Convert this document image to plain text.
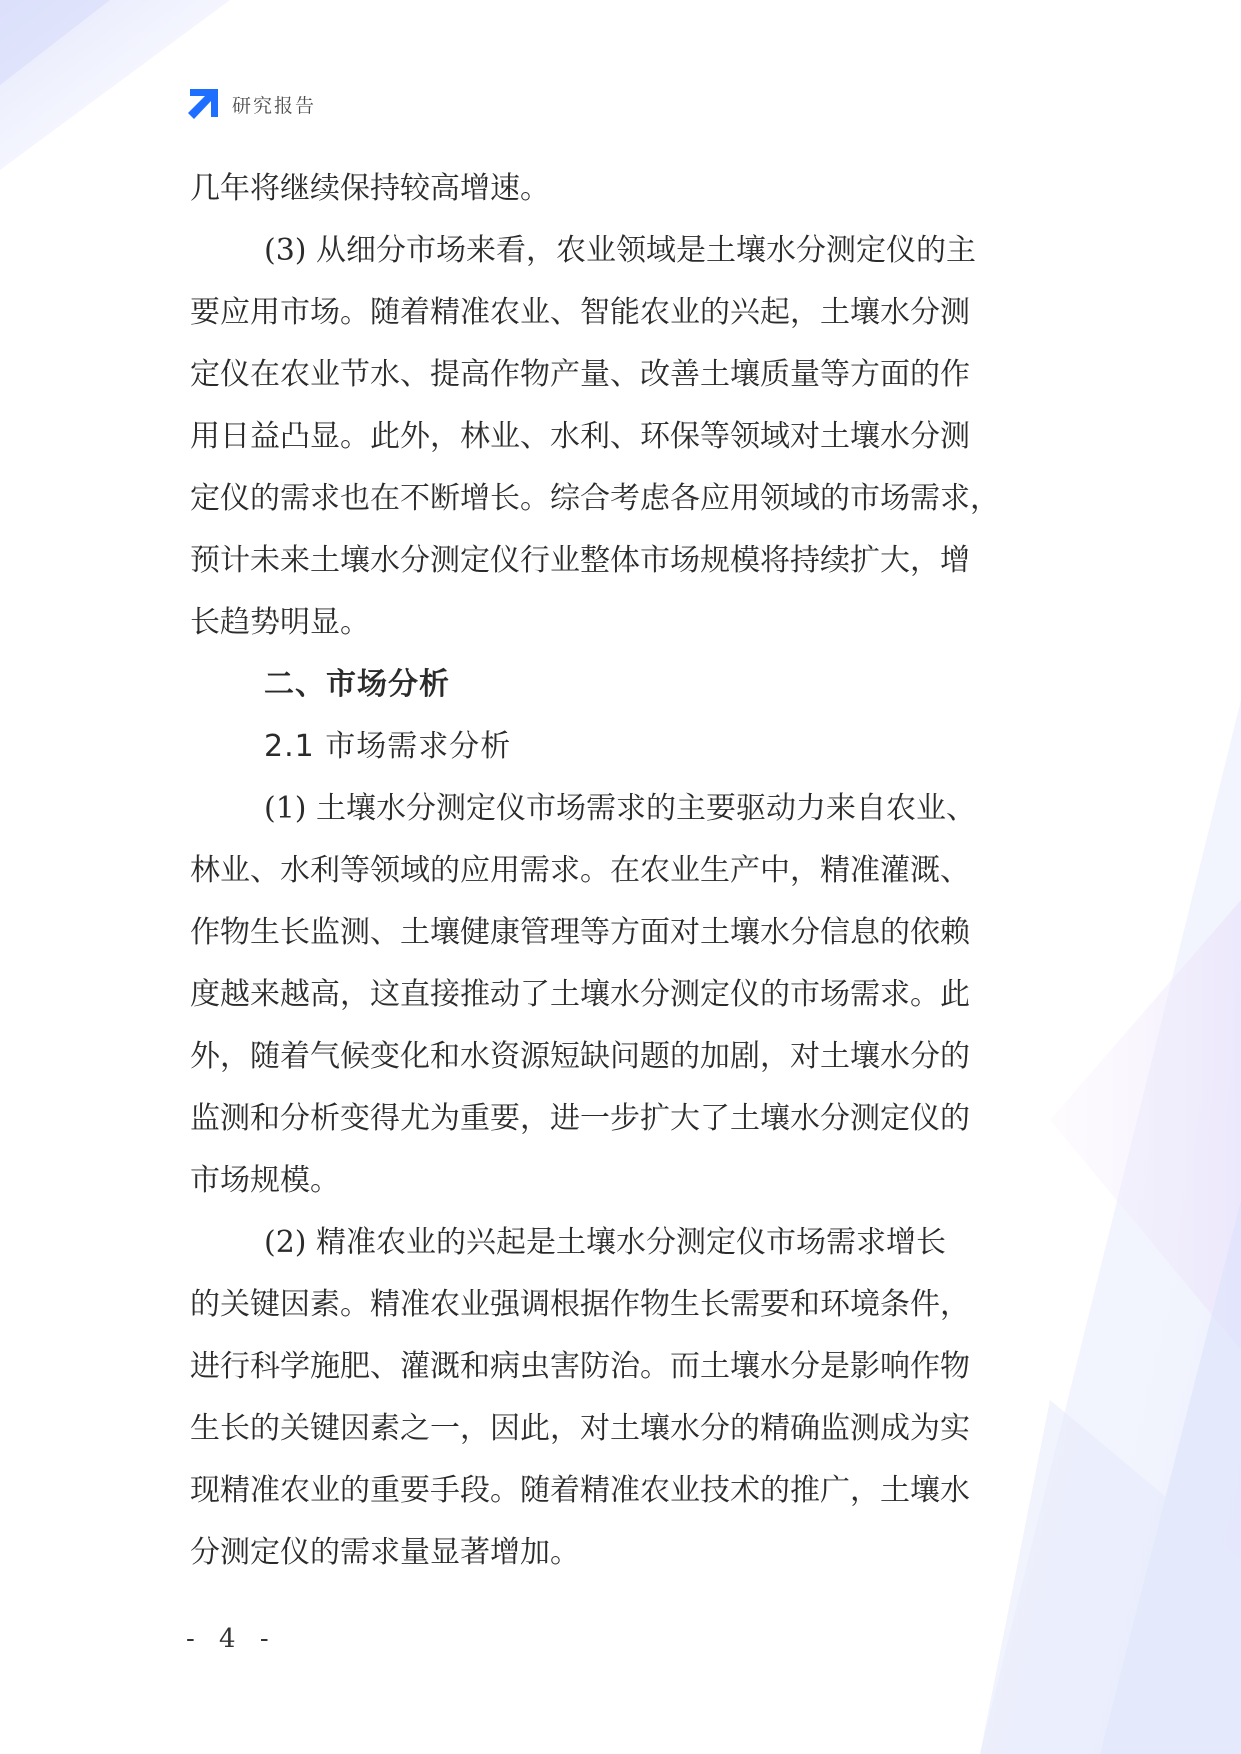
研究报告
几年将继续保持较高增速。
(3) 从细分市场来看，农业领域是土壤水分测定仪的主
要应用市场。随着精准农业、智能农业的兴起，土壤水分测
定仪在农业节水、提高作物产量、改善土壤质量等方面的作
用日益凸显。此外，林业、水利、环保等领域对土壤水分测
定仪的需求也在不断增长。综合考虑各应用领域的市场需求，
预计未来土壤水分测定仪行业整体市场规模将持续扩大，增
长趋势明显。
二、市场分析
2.1 市场需求分析
(1) 土壤水分测定仪市场需求的主要驱动力来自农业、
林业、水利等领域的应用需求。在农业生产中，精准灌溉、
作物生长监测、土壤健康管理等方面对土壤水分信息的依赖
度越来越高，这直接推动了土壤水分测定仪的市场需求。此
外，随着气候变化和水资源短缺问题的加剧，对土壤水分的
监测和分析变得尤为重要，进一步扩大了土壤水分测定仪的
市场规模。
(2) 精准农业的兴起是土壤水分测定仪市场需求增长
的关键因素。精准农业强调根据作物生长需要和环境条件，
进行科学施肥、灌溉和病虫害防治。而土壤水分是影响作物
生长的关键因素之一，因此，对土壤水分的精确监测成为实
现精准农业的重要手段。随着精准农业技术的推广，土壤水
分测定仪的需求量显著增加。
- 4 -
